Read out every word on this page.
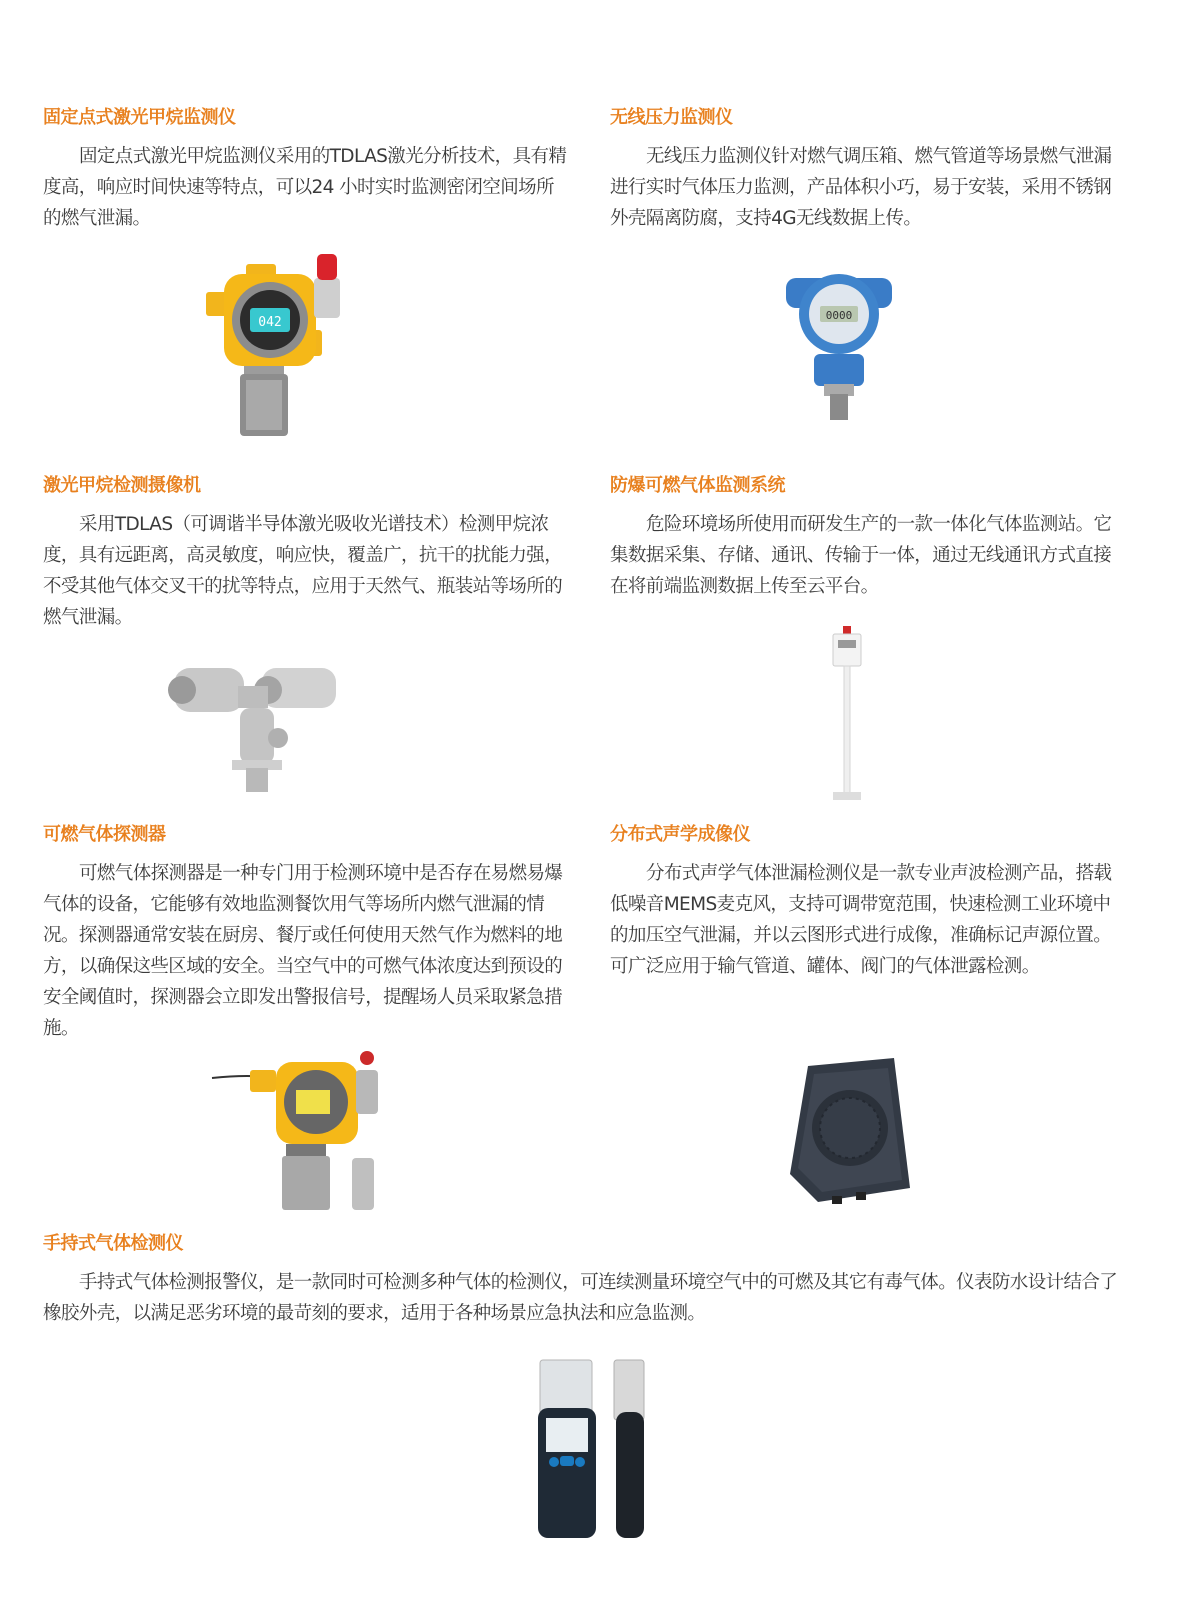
固定点式激光甲烷监测仪

固定点式激光甲烷监测仪采用的TDLAS激光分析技术，具有精度高，响应时间快速等特点，可以24 小时实时监测密闭空间场所的燃气泄漏。

042
无线压力监测仪

无线压力监测仪针对燃气调压箱、燃气管道等场景燃气泄漏进行实时气体压力监测，产品体积小巧，易于安装，采用不锈钢外壳隔离防腐，支持4G无线数据上传。

0000
激光甲烷检测摄像机

采用TDLAS（可调谐半导体激光吸收光谱技术）检测甲烷浓度，具有远距离，高灵敏度，响应快，覆盖广，抗干的扰能力强，不受其他气体交叉干的扰等特点，应用于天然气、瓶装站等场所的燃气泄漏。

防爆可燃气体监测系统

危险环境场所使用而研发生产的一款一体化气体监测站。它集数据采集、存储、通讯、传输于一体，通过无线通讯方式直接在将前端监测数据上传至云平台。

可燃气体探测器

可燃气体探测器是一种专门用于检测环境中是否存在易燃易爆气体的设备，它能够有效地监测餐饮用气等场所内燃气泄漏的情况。探测器通常安装在厨房、餐厅或任何使用天然气作为燃料的地方，以确保这些区域的安全。当空气中的可燃气体浓度达到预设的安全阈值时，探测器会立即发出警报信号，提醒场人员采取紧急措施。

分布式声学成像仪

分布式声学气体泄漏检测仪是一款专业声波检测产品，搭载低噪音MEMS麦克风，支持可调带宽范围，快速检测工业环境中的加压空气泄漏，并以云图形式进行成像，准确标记声源位置。可广泛应用于输气管道、罐体、阀门的气体泄露检测。

手持式气体检测仪

手持式气体检测报警仪，是一款同时可检测多种气体的检测仪，可连续测量环境空气中的可燃及其它有毒气体。仪表防水设计结合了橡胶外壳，以满足恶劣环境的最苛刻的要求，适用于各种场景应急执法和应急监测。
